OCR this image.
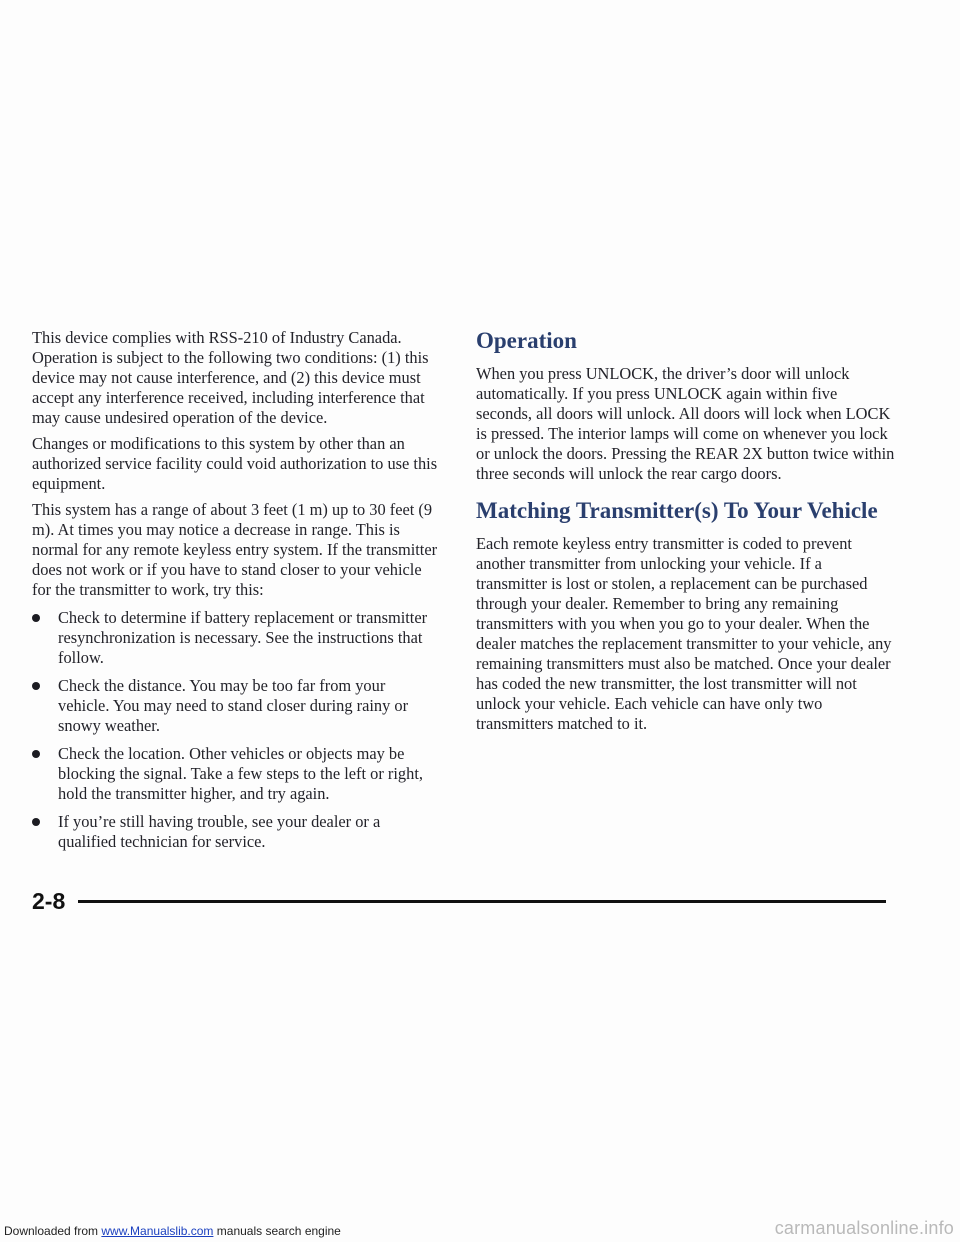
This device complies with RSS-210 of Industry Canada. Operation is subject to the following two conditions: (1) this device may not cause interference, and (2) this device must accept any interference received, including interference that may cause undesired operation of the device.

Changes or modifications to this system by other than an authorized service facility could void authorization to use this equipment.

This system has a range of about 3 feet (1 m) up to 30 feet (9 m). At times you may notice a decrease in range. This is normal for any remote keyless entry system. If the transmitter does not work or if you have to stand closer to your vehicle for the transmitter to work, try this:

Check to determine if battery replacement or transmitter resynchronization is necessary. See the instructions that follow.
Check the distance. You may be too far from your vehicle. You may need to stand closer during rainy or snowy weather.
Check the location. Other vehicles or objects may be blocking the signal. Take a few steps to the left or right, hold the transmitter higher, and try again.
If you’re still having trouble, see your dealer or a qualified technician for service.
Operation

When you press UNLOCK, the driver’s door will unlock automatically. If you press UNLOCK again within five seconds, all doors will unlock. All doors will lock when LOCK is pressed. The interior lamps will come on whenever you lock or unlock the doors. Pressing the REAR 2X button twice within three seconds will unlock the rear cargo doors.

Matching Transmitter(s) To Your Vehicle

Each remote keyless entry transmitter is coded to prevent another transmitter from unlocking your vehicle. If a transmitter is lost or stolen, a replacement can be purchased through your dealer. Remember to bring any remaining transmitters with you when you go to your dealer. When the dealer matches the replacement transmitter to your vehicle, any remaining transmitters must also be matched. Once your dealer has coded the new transmitter, the lost transmitter will not unlock your vehicle. Each vehicle can have only two transmitters matched to it.

2-8
Downloaded from www.Manualslib.com manuals search engine	carmanualsonline.info
